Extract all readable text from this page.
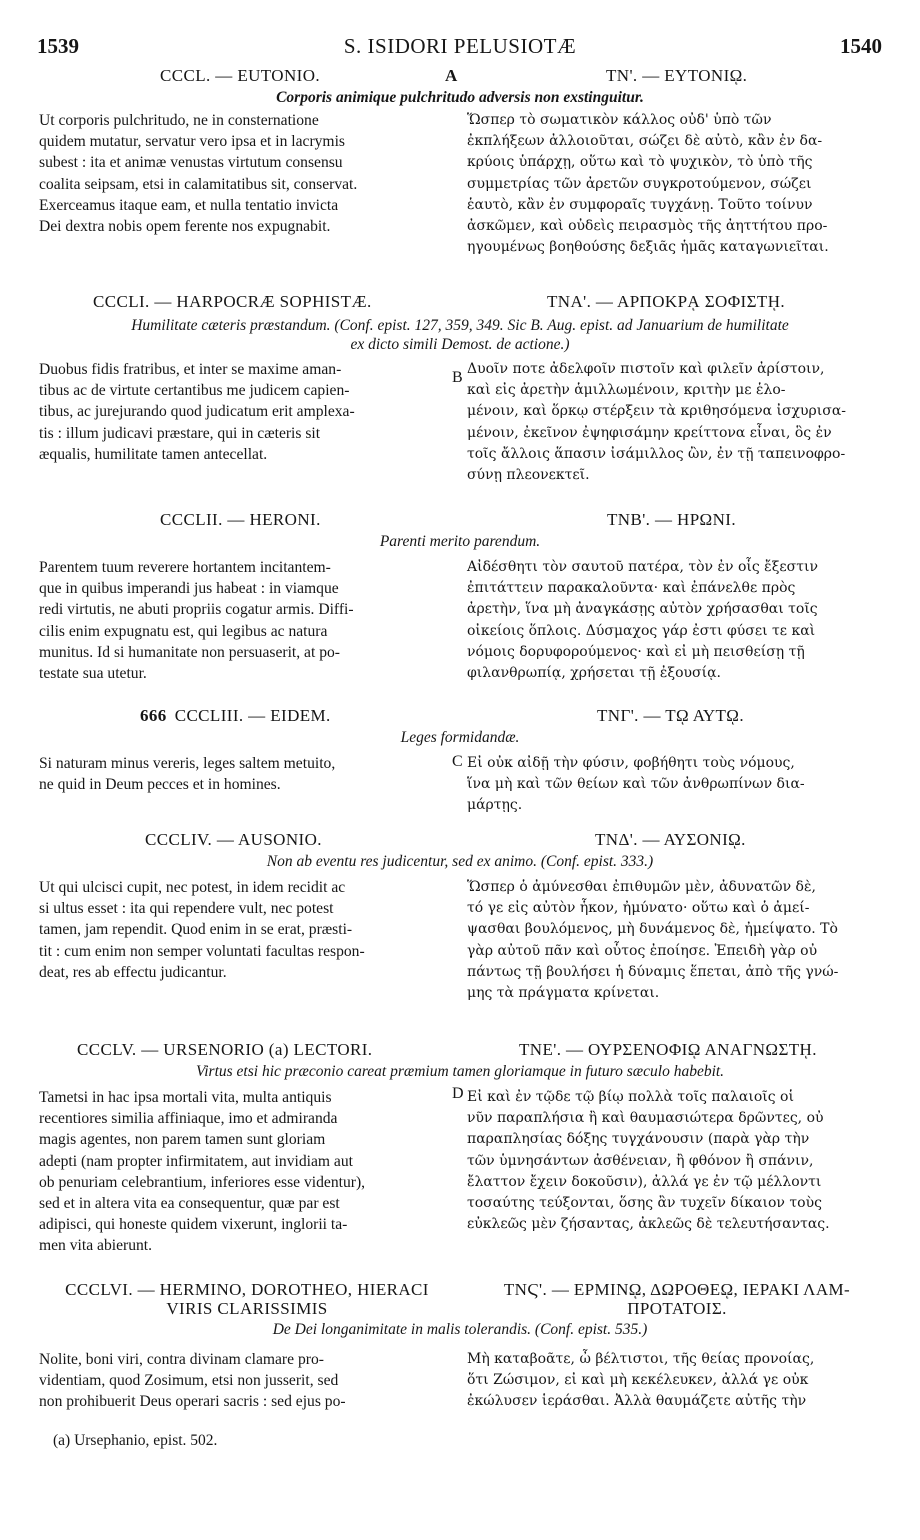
1539	S. ISIDORI PELUSIOTÆ	1540
CCCL. — EUTONIO.	A	ΤΝ'. — ΕΥΤΟΝΙῼ.
Corporis animique pulchritudo adversis non exstinguitur.
Ut corporis pulchritudo, ne in consternatione
quidem mutatur, servatur vero ipsa et in lacrymis
subest : ita et animæ venustas virtutum consensu
coalita seipsam, etsi in calamitatibus sit, conservat.
Exerceamus itaque eam, et nulla tentatio invicta
Dei dextra nobis opem ferente nos expugnabit.
Ὥσπερ τὸ σωματικὸν κάλλος οὐδ' ὑπὸ τῶν
ἐκπλήξεων ἀλλοιοῦται, σώζει δὲ αὐτὸ, κἂν ἐν δα-
κρύοις ὑπάρχῃ, οὕτω καὶ τὸ ψυχικὸν, τὸ ὑπὸ τῆς
συμμετρίας τῶν ἀρετῶν συγκροτούμενον, σώζει
ἑαυτὸ, κἂν ἐν συμφοραῖς τυγχάνῃ. Τοῦτο τοίνυν
ἀσκῶμεν, καὶ οὐδεὶς πειρασμὸς τῆς ἀηττήτου προ-
ηγουμένως βοηθούσης δεξιᾶς ἡμᾶς καταγωνιεῖται.
CCCLI. — HARPOCRÆ SOPHISTÆ.	ΤΝΑ'. — ΑΡΠΟΚΡᾼ ΣΟΦΙΣΤῌ.
Humilitate cæteris præstandum. (Conf. epist. 127, 359, 349. Sic B. Aug. epist. ad Januarium de humilitate
ex dicto simili Demost. de actione.)
B
Duobus fidis fratribus, et inter se maxime aman-
tibus ac de virtute certantibus me judicem capien-
tibus, ac jurejurando quod judicatum erit amplexa-
tis : illum judicavi præstare, qui in cæteris sit
æqualis, humilitate tamen antecellat.
Δυοῖν ποτε ἀδελφοῖν πιστοῖν καὶ φιλεῖν ἀρίστοιν,
καὶ εἰς ἀρετὴν ἁμιλλωμένοιν, κριτὴν με ἑλο-
μένοιν, καὶ ὅρκῳ στέρξειν τὰ κριθησόμενα ἰσχυρισα-
μένοιν, ἐκεῖνον ἐψηφισάμην κρείττονα εἶναι, ὃς ἐν
τοῖς ἄλλοις ἅπασιν ἰσάμιλλος ὢν, ἐν τῇ ταπεινοφρο-
σύνῃ πλεονεκτεῖ.
CCCLII. — HERONI.	ΤΝΒ'. — ΗΡΩΝΙ.
Parenti merito parendum.
Parentem tuum reverere hortantem incitantem-
que in quibus imperandi jus habeat : in viamque
redi virtutis, ne abuti propriis cogatur armis. Diffi-
cilis enim expugnatu est, qui legibus ac natura
munitus. Id si humanitate non persuaserit, at po-
testate sua utetur.
Αἰδέσθητι τὸν σαυτοῦ πατέρα, τὸν ἐν οἷς ἔξεστιν
ἐπιτάττειν παρακαλοῦντα· καὶ ἐπάνελθε πρὸς
ἀρετὴν, ἵνα μὴ ἀναγκάσῃς αὐτὸν χρήσασθαι τοῖς
οἰκείοις ὅπλοις. Δύσμαχος γάρ ἐστι φύσει τε καὶ
νόμοις δορυφορούμενος· καὶ εἰ μὴ πεισθείσῃ τῇ
φιλανθρωπίᾳ, χρήσεται τῇ ἐξουσίᾳ.
666 CCCLIII. — EIDEM.	ΤΝΓ'. — Τῼ ΑΥΤῼ.
Leges formidandæ.
C
Si naturam minus vereris, leges saltem metuito,
ne quid in Deum pecces et in homines.
Εἰ οὐκ αἰδῇ τὴν φύσιν, φοβήθητι τοὺς νόμους,
ἵνα μὴ καὶ τῶν θείων καὶ τῶν ἀνθρωπίνων δια-
μάρτῃς.
CCCLIV. — AUSONIO.	ΤΝΔ'. — ΑΥΣΟΝΙῼ.
Non ab eventu res judicentur, sed ex animo. (Conf. epist. 333.)
Ut qui ulcisci cupit, nec potest, in idem recidit ac
si ultus esset : ita qui rependere vult, nec potest
tamen, jam rependit. Quod enim in se erat, præsti-
tit : cum enim non semper voluntati facultas respon-
deat, res ab effectu judicantur.
Ὥσπερ ὁ ἀμύνεσθαι ἐπιθυμῶν μὲν, ἀδυνατῶν δὲ,
τό γε εἰς αὐτὸν ἧκον, ἠμύνατο· οὕτω καὶ ὁ ἀμεί-
ψασθαι βουλόμενος, μὴ δυνάμενος δὲ, ἠμείψατο. Τὸ
γὰρ αὐτοῦ πᾶν καὶ οὗτος ἐποίησε. Ἐπειδὴ γὰρ οὐ
πάντως τῇ βουλήσει ἡ δύναμις ἕπεται, ἀπὸ τῆς γνώ-
μης τὰ πράγματα κρίνεται.
CCCLV. — URSENORIO (a) LECTORI.	ΤΝΕ'. — ΟΥΡΣΕΝΟΦΙῼ ΑΝΑΓΝΩΣΤῌ.
Virtus etsi hic præconio careat præmium tamen gloriamque in futuro sæculo habebit.
D
Tametsi in hac ipsa mortali vita, multa antiquis
recentiores similia affiniaque, imo et admiranda
magis agentes, non parem tamen sunt gloriam
adepti (nam propter infirmitatem, aut invidiam aut
ob penuriam celebrantium, inferiores esse videntur),
sed et in altera vita ea consequentur, quæ par est
adipisci, qui honeste quidem vixerunt, inglorii ta-
men vita abierunt.
Εἰ καὶ ἐν τῷδε τῷ βίῳ πολλὰ τοῖς παλαιοῖς οἱ
νῦν παραπλήσια ἢ καὶ θαυμασιώτερα δρῶντες, οὐ
παραπλησίας δόξης τυγχάνουσιν (παρὰ γὰρ τὴν
τῶν ὑμνησάντων ἀσθένειαν, ἢ φθόνον ἢ σπάνιν,
ἔλαττον ἔχειν δοκοῦσιν), ἀλλά γε ἐν τῷ μέλλοντι
τοσαύτης τεύξονται, ὅσης ἂν τυχεῖν δίκαιον τοὺς
εὐκλεῶς μὲν ζήσαντας, ἀκλεῶς δὲ τελευτήσαντας.
CCCLVI. — HERMINO, DOROTHEO, HIERACI
VIRIS CLARISSIMIS
ΤΝϚ'. — ΕΡΜΙΝῼ, ΔΩΡΟΘΕῼ, ΙΕΡΑΚΙ ΛΑΜ-
ΠΡΟΤΑΤΟΙΣ.
De Dei longanimitate in malis tolerandis. (Conf. epist. 535.)
Nolite, boni viri, contra divinam clamare pro-
videntiam, quod Zosimum, etsi non jusserit, sed
non prohibuerit Deus operari sacris : sed ejus po-
Μὴ καταβοᾶτε, ὦ βέλτιστοι, τῆς θείας προνοίας,
ὅτι Ζώσιμον, εἰ καὶ μὴ κεκέλευκεν, ἀλλά γε οὐκ
ἐκώλυσεν ἱεράσθαι. Ἀλλὰ θαυμάζετε αὐτῆς τὴν
(a) Ursephanio, epist. 502.
